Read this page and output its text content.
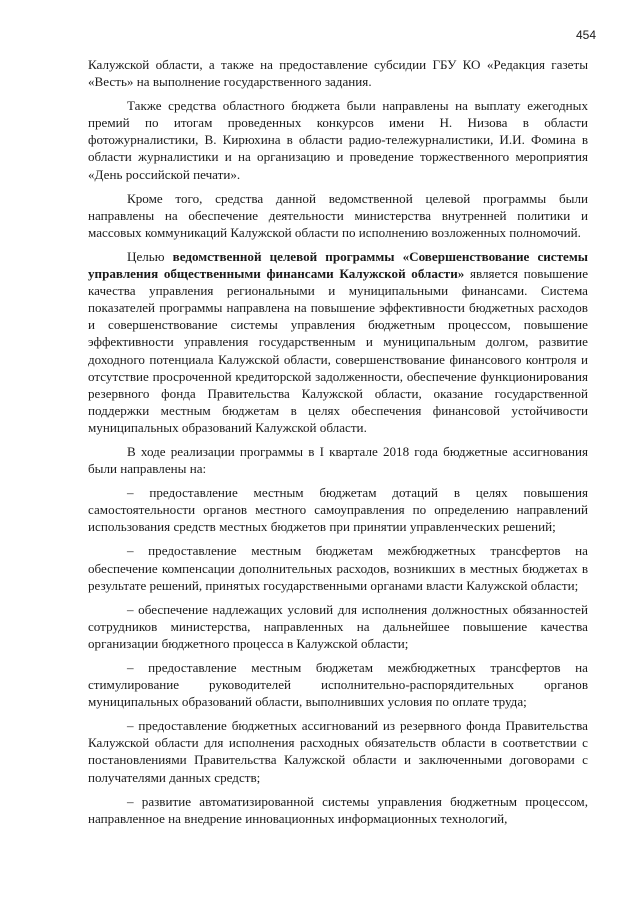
454

Калужской области, а также на предоставление субсидии ГБУ КО «Редакция газеты «Весть» на выполнение государственного задания.

Также средства областного бюджета были направлены на выплату ежегодных премий по итогам проведенных конкурсов имени Н. Низова в области фотожурналистики, В. Кирюхина в области радио-тележурналистики, И.И. Фомина в области журналистики и на организацию и проведение торжественного мероприятия «День российской печати».

Кроме того, средства данной ведомственной целевой программы были направлены на обеспечение деятельности министерства внутренней политики и массовых коммуникаций Калужской области по исполнению возложенных полномочий.

Целью ведомственной целевой программы «Совершенствование системы управления общественными финансами Калужской области» является повышение качества управления региональными и муниципальными финансами. Система показателей программы направлена на повышение эффективности бюджетных расходов и совершенствование системы управления бюджетным процессом, повышение эффективности управления государственным и муниципальным долгом, развитие доходного потенциала Калужской области, совершенствование финансового контроля и отсутствие просроченной кредиторской задолженности, обеспечение функционирования резервного фонда Правительства Калужской области, оказание государственной поддержки местным бюджетам в целях обеспечения финансовой устойчивости муниципальных образований Калужской области.

В ходе реализации программы в I квартале 2018 года бюджетные ассигнования были направлены на:

– предоставление местным бюджетам дотаций в целях повышения самостоятельности органов местного самоуправления по определению направлений использования средств местных бюджетов при принятии управленческих решений;

– предоставление местным бюджетам межбюджетных трансфертов на обеспечение компенсации дополнительных расходов, возникших в местных бюджетах в результате решений, принятых государственными органами власти Калужской области;

– обеспечение надлежащих условий для исполнения должностных обязанностей сотрудников министерства, направленных на дальнейшее повышение качества организации бюджетного процесса в Калужской области;

– предоставление местным бюджетам межбюджетных трансфертов на стимулирование руководителей исполнительно-распорядительных органов муниципальных образований области, выполнивших условия по оплате труда;

– предоставление бюджетных ассигнований из резервного фонда Правительства Калужской области для исполнения расходных обязательств области в соответствии с постановлениями Правительства Калужской области и заключенными договорами с получателями данных средств;

– развитие автоматизированной системы управления бюджетным процессом, направленное на внедрение инновационных информационных технологий,
